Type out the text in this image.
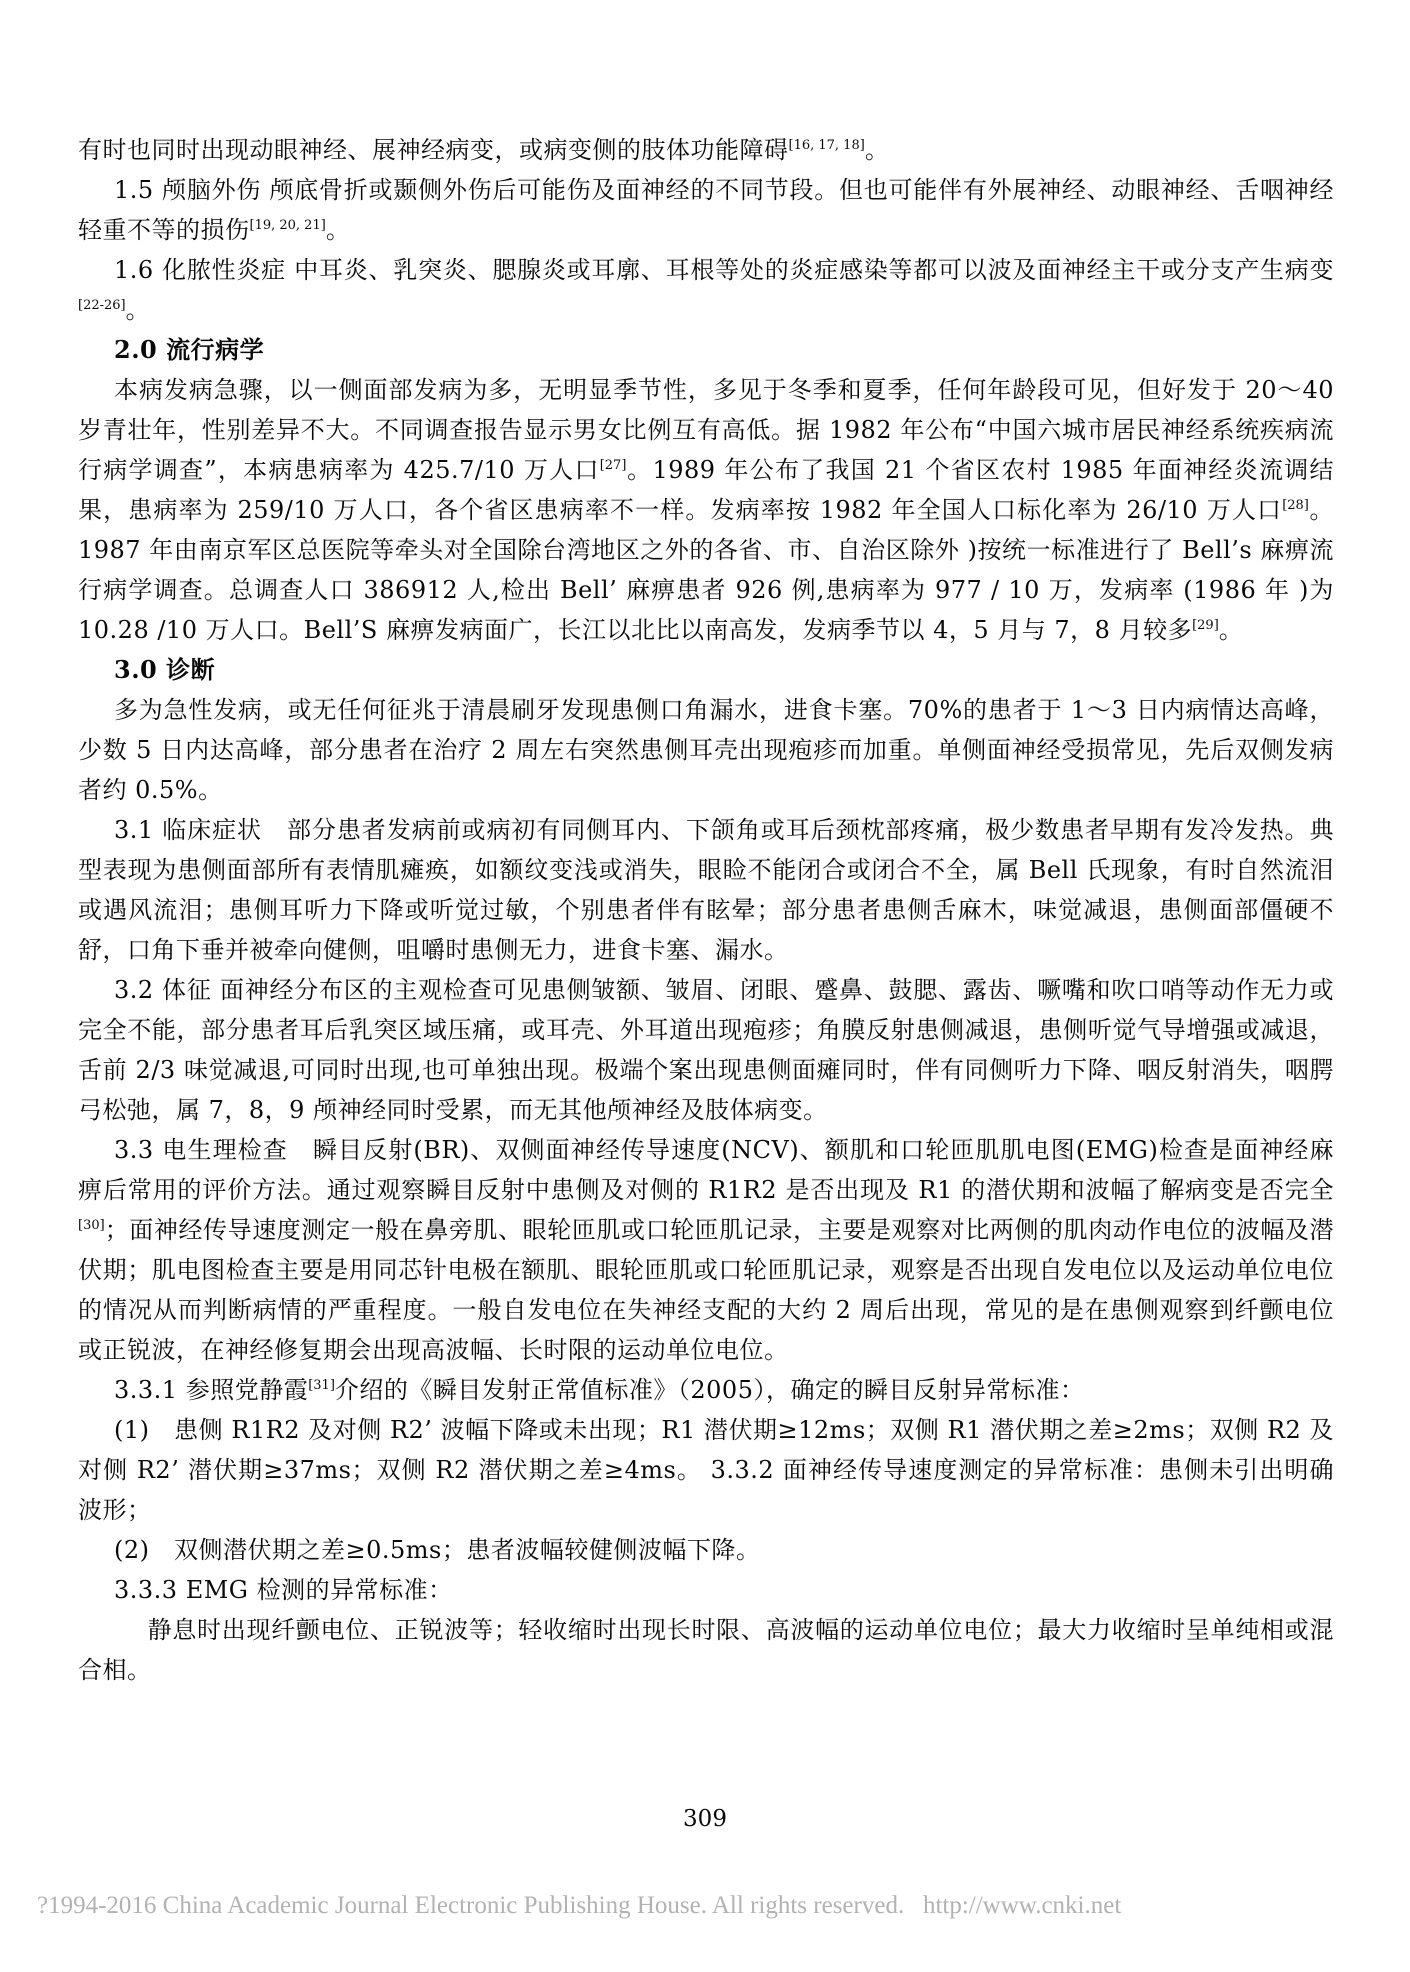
有时也同时出现动眼神经、展神经病变，或病变侧的肢体功能障碍[16, 17, 18]。

1.5 颅脑外伤 颅底骨折或颞侧外伤后可能伤及面神经的不同节段。但也可能伴有外展神经、动眼神经、舌咽神经轻重不等的损伤[19, 20, 21]。

1.6 化脓性炎症 中耳炎、乳突炎、腮腺炎或耳廓、耳根等处的炎症感染等都可以波及面神经主干或分支产生病变[22-26]。

2.0 流行病学

本病发病急骤，以一侧面部发病为多，无明显季节性，多见于冬季和夏季，任何年龄段可见，但好发于 20～40 岁青壮年，性别差异不大。不同调查报告显示男女比例互有高低。据 1982 年公布“中国六城市居民神经系统疾病流行病学调查”，本病患病率为 425.7/10 万人口[27]。1989 年公布了我国 21 个省区农村 1985 年面神经炎流调结果，患病率为 259/10 万人口，各个省区患病率不一样。发病率按 1982 年全国人口标化率为 26/10 万人口[28]。1987 年由南京军区总医院等牵头对全国除台湾地区之外的各省、市、自治区除外 )按统一标准进行了 Bell’s 麻痹流行病学调查。总调查人口 386912 人,检出 Bell’ 麻痹患者 926 例,患病率为 977 / 10 万，发病率 (1986 年 )为 10.28 /10 万人口。Bell’S 麻痹发病面广，长江以北比以南高发，发病季节以 4，5 月与 7，8 月较多[29]。

3.0 诊断

多为急性发病，或无任何征兆于清晨刷牙发现患侧口角漏水，进食卡塞。70%的患者于 1～3 日内病情达高峰，少数 5 日内达高峰，部分患者在治疗 2 周左右突然患侧耳壳出现疱疹而加重。单侧面神经受损常见，先后双侧发病者约 0.5%。

3.1 临床症状　部分患者发病前或病初有同侧耳内、下颌角或耳后颈枕部疼痛，极少数患者早期有发冷发热。典型表现为患侧面部所有表情肌瘫痪，如额纹变浅或消失，眼睑不能闭合或闭合不全，属 Bell 氏现象，有时自然流泪或遇风流泪；患侧耳听力下降或听觉过敏，个别患者伴有眩晕；部分患者患侧舌麻木，味觉减退，患侧面部僵硬不舒，口角下垂并被牵向健侧，咀嚼时患侧无力，进食卡塞、漏水。

3.2 体征 面神经分布区的主观检查可见患侧皱额、皱眉、闭眼、蹙鼻、鼓腮、露齿、噘嘴和吹口哨等动作无力或完全不能，部分患者耳后乳突区域压痛，或耳壳、外耳道出现疱疹；角膜反射患侧减退，患侧听觉气导增强或减退，舌前 2/3 味觉减退,可同时出现,也可单独出现。极端个案出现患侧面瘫同时，伴有同侧听力下降、咽反射消失，咽腭弓松弛，属 7，8，9 颅神经同时受累，而无其他颅神经及肢体病变。

3.3 电生理检查　瞬目反射(BR)、双侧面神经传导速度(NCV)、额肌和口轮匝肌肌电图(EMG)检查是面神经麻痹后常用的评价方法。通过观察瞬目反射中患侧及对侧的 R1R2 是否出现及 R1 的潜伏期和波幅了解病变是否完全[30]；面神经传导速度测定一般在鼻旁肌、眼轮匝肌或口轮匝肌记录，主要是观察对比两侧的肌肉动作电位的波幅及潜伏期；肌电图检查主要是用同芯针电极在额肌、眼轮匝肌或口轮匝肌记录，观察是否出现自发电位以及运动单位电位的情况从而判断病情的严重程度。一般自发电位在失神经支配的大约 2 周后出现，常见的是在患侧观察到纤颤电位或正锐波，在神经修复期会出现高波幅、长时限的运动单位电位。

3.3.1 参照党静霞[31]介绍的《瞬目发射正常值标准》（2005），确定的瞬目反射异常标准：

(1)　患侧 R1R2 及对侧 R2’ 波幅下降或未出现；R1 潜伏期≥12ms；双侧 R1 潜伏期之差≥2ms；双侧 R2 及对侧 R2’ 潜伏期≥37ms；双侧 R2 潜伏期之差≥4ms。 3.3.2 面神经传导速度测定的异常标准：患侧未引出明确波形；

(2)　双侧潜伏期之差≥0.5ms；患者波幅较健侧波幅下降。

3.3.3 EMG 检测的异常标准：

静息时出现纤颤电位、正锐波等；轻收缩时出现长时限、高波幅的运动单位电位；最大力收缩时呈单纯相或混合相。

309
?1994-2016 China Academic Journal Electronic Publishing House. All rights reserved.   http://www.cnki.net
